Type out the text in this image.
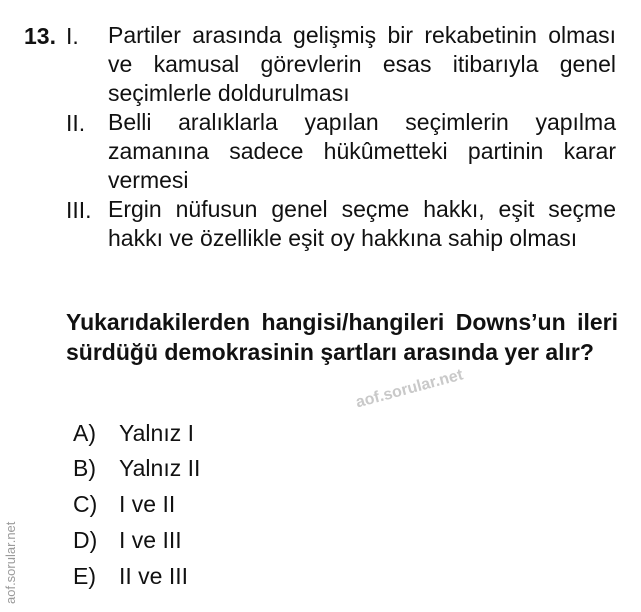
13. I. Partiler arasında gelişmiş bir rekabetinin olması ve kamusal görevlerin esas itibarıyla genel seçimlerle doldurulması
II. Belli aralıklarla yapılan seçimlerin yapılma zamanına sadece hükûmetteki partinin karar vermesi
III. Ergin nüfusun genel seçme hakkı, eşit seçme hakkı ve özellikle eşit oy hakkına sahip olması
Yukarıdakilerden hangisi/hangileri Downs’un ileri sürdüğü demokrasinin şartları arasında yer alır?
A) Yalnız I
B) Yalnız II
C) I ve II
D) I ve III
E) II ve III
aof.sorular.net
aof.sorular.net
